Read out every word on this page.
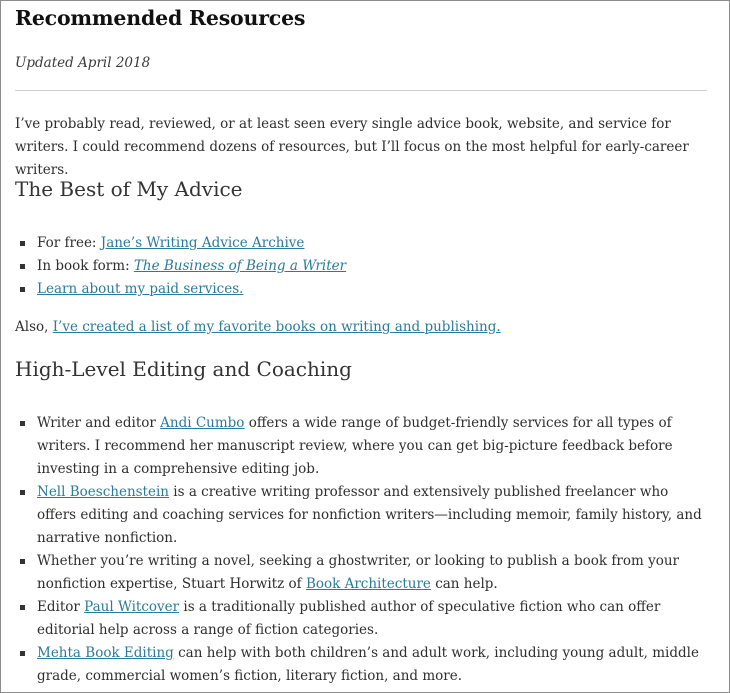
Recommended Resources

Updated April 2018

I’ve probably read, reviewed, or at least seen every single advice book, website, and service for writers. I could recommend dozens of resources, but I’ll focus on the most helpful for early-career writers.

The Best of My Advice
For free: Jane’s Writing Advice Archive
In book form: The Business of Being a Writer
Learn about my paid services.

Also, I’ve created a list of my favorite books on writing and publishing.

High-Level Editing and Coaching
Writer and editor Andi Cumbo offers a wide range of budget-friendly services for all types of writers. I recommend her manuscript review, where you can get big-picture feedback before investing in a comprehensive editing job.
Nell Boeschenstein is a creative writing professor and extensively published freelancer who offers editing and coaching services for nonfiction writers—including memoir, family history, and narrative nonfiction.
Whether you’re writing a novel, seeking a ghostwriter, or looking to publish a book from your nonfiction expertise, Stuart Horwitz of Book Architecture can help.
Editor Paul Witcover is a traditionally published author of speculative fiction who can offer editorial help across a range of fiction categories.
Mehta Book Editing can help with both children’s and adult work, including young adult, middle grade, commercial women’s fiction, literary fiction, and more.
